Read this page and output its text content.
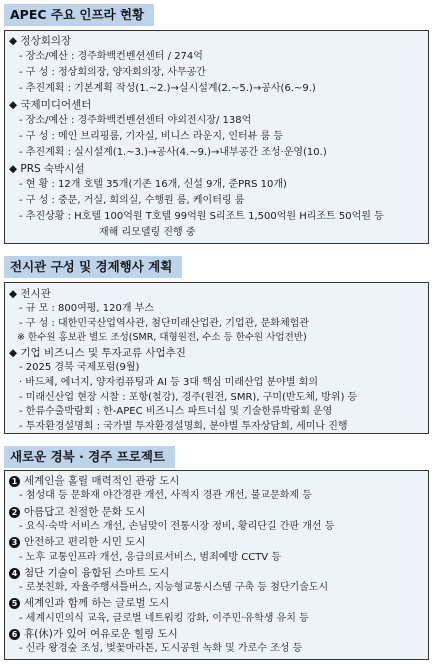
APEC 주요 인프라 현황
◆ 정상회의장
- 장소/예산 : 경주화백컨벤션센터 / 274억
- 구 성 : 정상회의장, 양자회의장, 사무공간
- 추진계획 : 기본계획 작성(1.~2.)→실시설계(2.~5.)→공사(6.~9.)
◆ 국제미디어센터
- 장소/예산 : 경주화백컨벤션센터 야외전시장/ 138억
- 구 성 : 메인 브리핑룸, 기자실, 비니스 라운지, 인터뷰 룸 등
- 추진계획 : 실시설계(1.~3.)→공사(4.~9.)→내부공간 조성·운영(10.)
◆ PRS 숙박시설
- 현 황 : 12개 호텔 35개(기존 16개, 신설 9개, 준PRS 10개)
- 구 성 : 중문, 거실, 회의실, 수행원 룸, 케이터링 룸
- 추진상황 : H호텔 100억원 T호텔 99억원 S리조트 1,500억원 H리조트 50억원 등
재해 리모델링 진행 중
전시관 구성 및 경제행사 계획
◆ 전시관
- 규 모 : 800여평, 120개 부스
- 구 성 : 대한민국산업역사관, 첨단미래산업관, 기업관, 문화체험관
※ 한수원 홍보관 별도 조성(SMR, 대형원전, 수소 등 한수원 사업전반)
◆ 기업 비즈니스 및 투자교류 사업추진
- 2025 경북 국제포럼(9월)
· 바드체, 에너지, 양자컴퓨팅과 AI 등 3대 핵심 미래산업 분야별 회의
- 미래신산업 현장 시찰 : 포항(철강), 경주(원전, SMR), 구미(반도체, 방위) 등
- 한류수출박람회 : 한-APEC 비즈니스 파트너십 및 기술한류박람회 운영
- 투자환경설명회 : 국가별 투자환경설명회, 분야별 투자상담회, 세미나 진행
새로운 경북 · 경주 프로젝트
1 세계인을 홀릴 매력적인 관광 도시
- 첨성대 등 문화재 야간경관 개선, 사적지 경관 개선, 불교문화제 등
2 아름답고 친절한 문화 도시
- 요식·숙박 서비스 개선, 손님맞이 전통시장 정비, 황리단길 간판 개선 등
3 안전하고 편리한 시민 도시
- 노후 교통인프라 개선, 응급의료서비스, 범죄예방 CCTV 등
4 첨단 기술이 융합된 스마트 도시
- 로봇친화, 자율주행셔틀버스, 지능형교통시스템 구축 등 첨단기술도시
5 세계인과 함께 하는 글로벌 도시
- 세계시민의식 교육, 글로벌 네트워킹 강화, 이주민·유학생 유치 등
6 휴(休)가 있어 여유로운 힐링 도시
- 신라 왕경숲 조성, 벚꽃마라톤, 도시공원 녹화 및 가로수 조성 등
